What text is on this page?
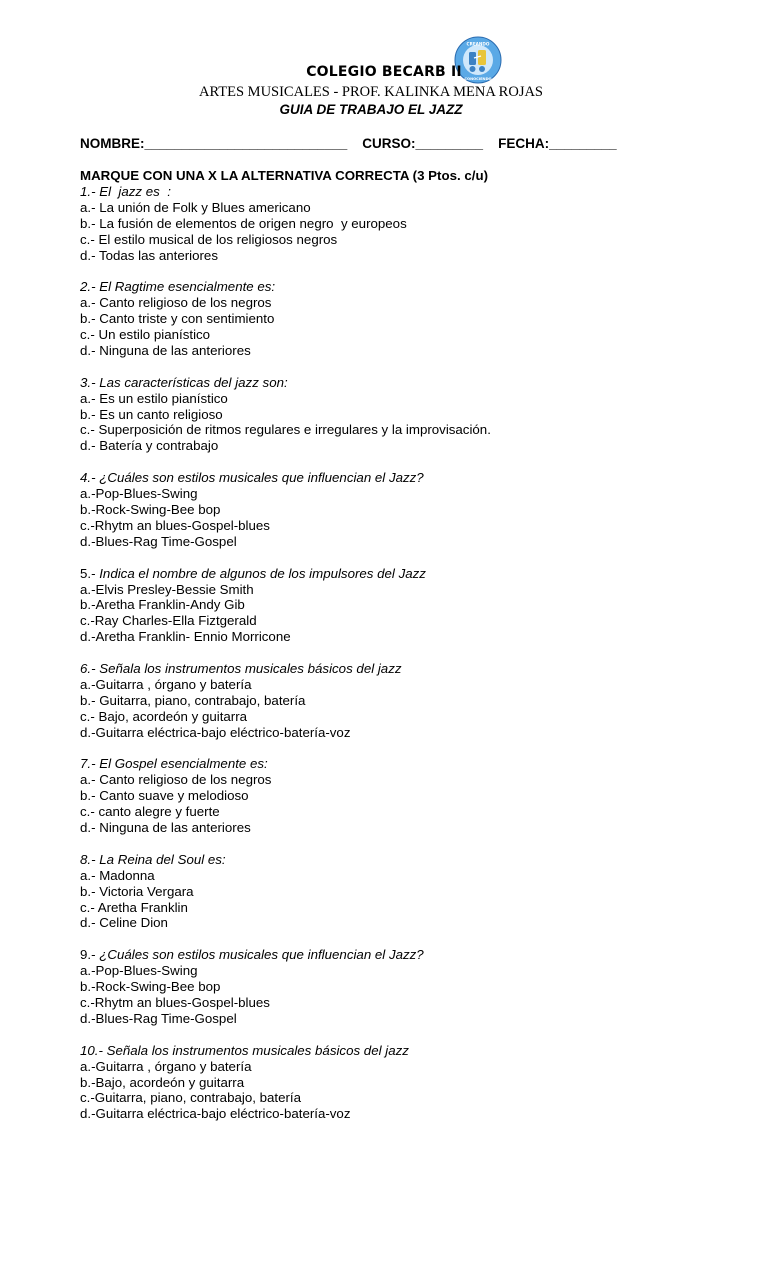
CREANDO
CONOCIENDO
COLEGIO BECARB II
ARTES MUSICALES - PROF. KALINKA MENA ROJAS
GUIA DE TRABAJO EL JAZZ
NOMBRE:___________________________ CURSO:_________ FECHA:_________
MARQUE CON UNA X LA ALTERNATIVA CORRECTA (3 Ptos. c/u)
1.- El  jazz es  :
a.- La unión de Folk y Blues americano
b.- La fusión de elementos de origen negro  y europeos
c.- El estilo musical de los religiosos negros
d.- Todas las anteriores
2.- El Ragtime esencialmente es:
a.- Canto religioso de los negros
b.- Canto triste y con sentimiento
c.- Un estilo pianístico
d.- Ninguna de las anteriores
3.- Las características del jazz son:
a.- Es un estilo pianístico
b.- Es un canto religioso
c.- Superposición de ritmos regulares e irregulares y la improvisación.
d.- Batería y contrabajo
4.- ¿Cuáles son estilos musicales que influencian el Jazz?
a.-Pop-Blues-Swing
b.-Rock-Swing-Bee bop
c.-Rhytm an blues-Gospel-blues
d.-Blues-Rag Time-Gospel
5.- Indica el nombre de algunos de los impulsores del Jazz
a.-Elvis Presley-Bessie Smith
b.-Aretha Franklin-Andy Gib
c.-Ray Charles-Ella Fiztgerald
d.-Aretha Franklin- Ennio Morricone
6.- Señala los instrumentos musicales básicos del jazz
a.-Guitarra , órgano y batería
b.- Guitarra, piano, contrabajo, batería
c.- Bajo, acordeón y guitarra
d.-Guitarra eléctrica-bajo eléctrico-batería-voz
7.- El Gospel esencialmente es:
a.- Canto religioso de los negros
b.- Canto suave y melodioso
c.- canto alegre y fuerte
d.- Ninguna de las anteriores
8.- La Reina del Soul es:
a.- Madonna
b.- Victoria Vergara
c.- Aretha Franklin
d.- Celine Dion
9.- ¿Cuáles son estilos musicales que influencian el Jazz?
a.-Pop-Blues-Swing
b.-Rock-Swing-Bee bop
c.-Rhytm an blues-Gospel-blues
d.-Blues-Rag Time-Gospel
10.- Señala los instrumentos musicales básicos del jazz
a.-Guitarra , órgano y batería
b.-Bajo, acordeón y guitarra
c.-Guitarra, piano, contrabajo, batería
d.-Guitarra eléctrica-bajo eléctrico-batería-voz
